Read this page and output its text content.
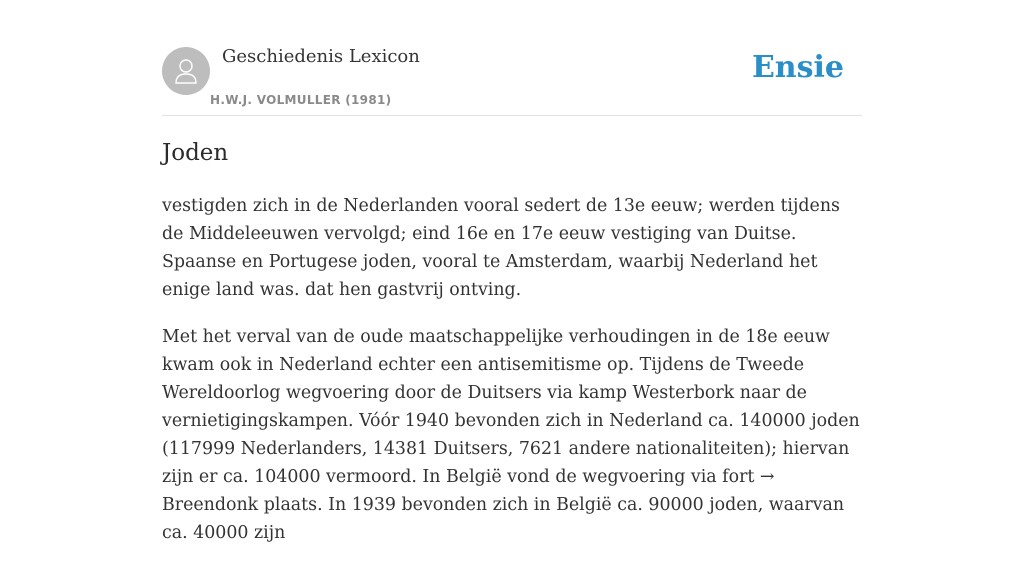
Geschiedenis Lexicon
H.W.J. VOLMULLER (1981)
Ensie
Joden

vestigden zich in de Nederlanden vooral sedert de 13e eeuw; werden tijdens de Middeleeuwen vervolgd; eind 16e en 17e eeuw vestiging van Duitse. Spaanse en Portugese joden, vooral te Amsterdam, waarbij Nederland het enige land was. dat hen gastvrij ontving.

Met het verval van de oude maatschappelijke verhoudingen in de 18e eeuw kwam ook in Nederland echter een antisemitisme op. Tijdens de Tweede Wereldoorlog wegvoering door de Duitsers via kamp Westerbork naar de vernietigingskampen. Vóór 1940 bevonden zich in Nederland ca. 140000 joden (117999 Nederlanders, 14381 Duitsers, 7621 andere nationaliteiten); hiervan zijn er ca. 104000 vermoord. In België vond de wegvoering via fort → Breendonk plaats. In 1939 bevonden zich in België ca. 90000 joden, waarvan ca. 40000 zijn
